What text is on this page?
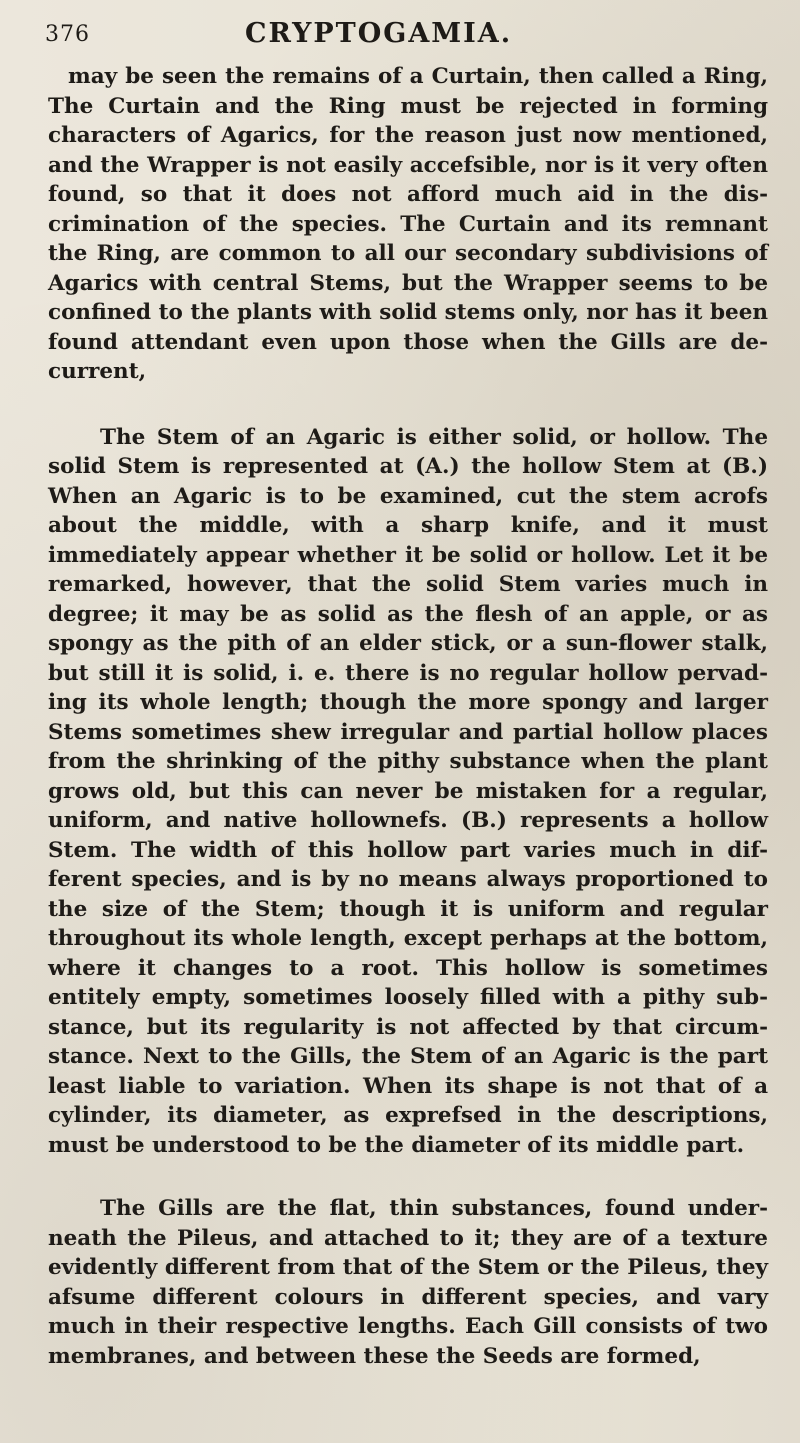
376	CRYPTOGAMIA.

may be seen the remains of a Curtain, then called a Ring, The Curtain and the Ring must be rejected in forming characters of Agarics, for the reason just now mentioned, and the Wrapper is not easily accefsible, nor is it very often found, so that it does not afford much aid in the dis- crimination of the species. The Curtain and its remnant the Ring, are common to all our secondary subdivisions of Agarics with central Stems, but the Wrapper seems to be confined to the plants with solid stems only, nor has it been found attendant even upon those when the Gills are de- current,

The Stem of an Agaric is either solid, or hollow. The solid Stem is represented at (A.) the hollow Stem at (B.) When an Agaric is to be examined, cut the stem acrofs about the middle, with a sharp knife, and it must immediately appear whether it be solid or hollow. Let it be remarked, however, that the solid Stem varies much in degree; it may be as solid as the flesh of an apple, or as spongy as the pith of an elder stick, or a sun-flower stalk, but still it is solid, i. e. there is no regular hollow pervad- ing its whole length; though the more spongy and larger Stems sometimes shew irregular and partial hollow places from the shrinking of the pithy substance when the plant grows old, but this can never be mistaken for a regular, uniform, and native hollownefs. (B.) represents a hollow Stem. The width of this hollow part varies much in dif- ferent species, and is by no means always proportioned to the size of the Stem; though it is uniform and regular throughout its whole length, except perhaps at the bottom, where it changes to a root. This hollow is sometimes entitely empty, sometimes loosely filled with a pithy sub- stance, but its regularity is not affected by that circum- stance. Next to the Gills, the Stem of an Agaric is the part least liable to variation. When its shape is not that of a cylinder, its diameter, as exprefsed in the descriptions, must be understood to be the diameter of its middle part.

The Gills are the flat, thin substances, found under- neath the Pileus, and attached to it; they are of a texture evidently different from that of the Stem or the Pileus, they afsume different colours in different species, and vary much in their respective lengths. Each Gill consists of two membranes, and between these the Seeds are formed,
